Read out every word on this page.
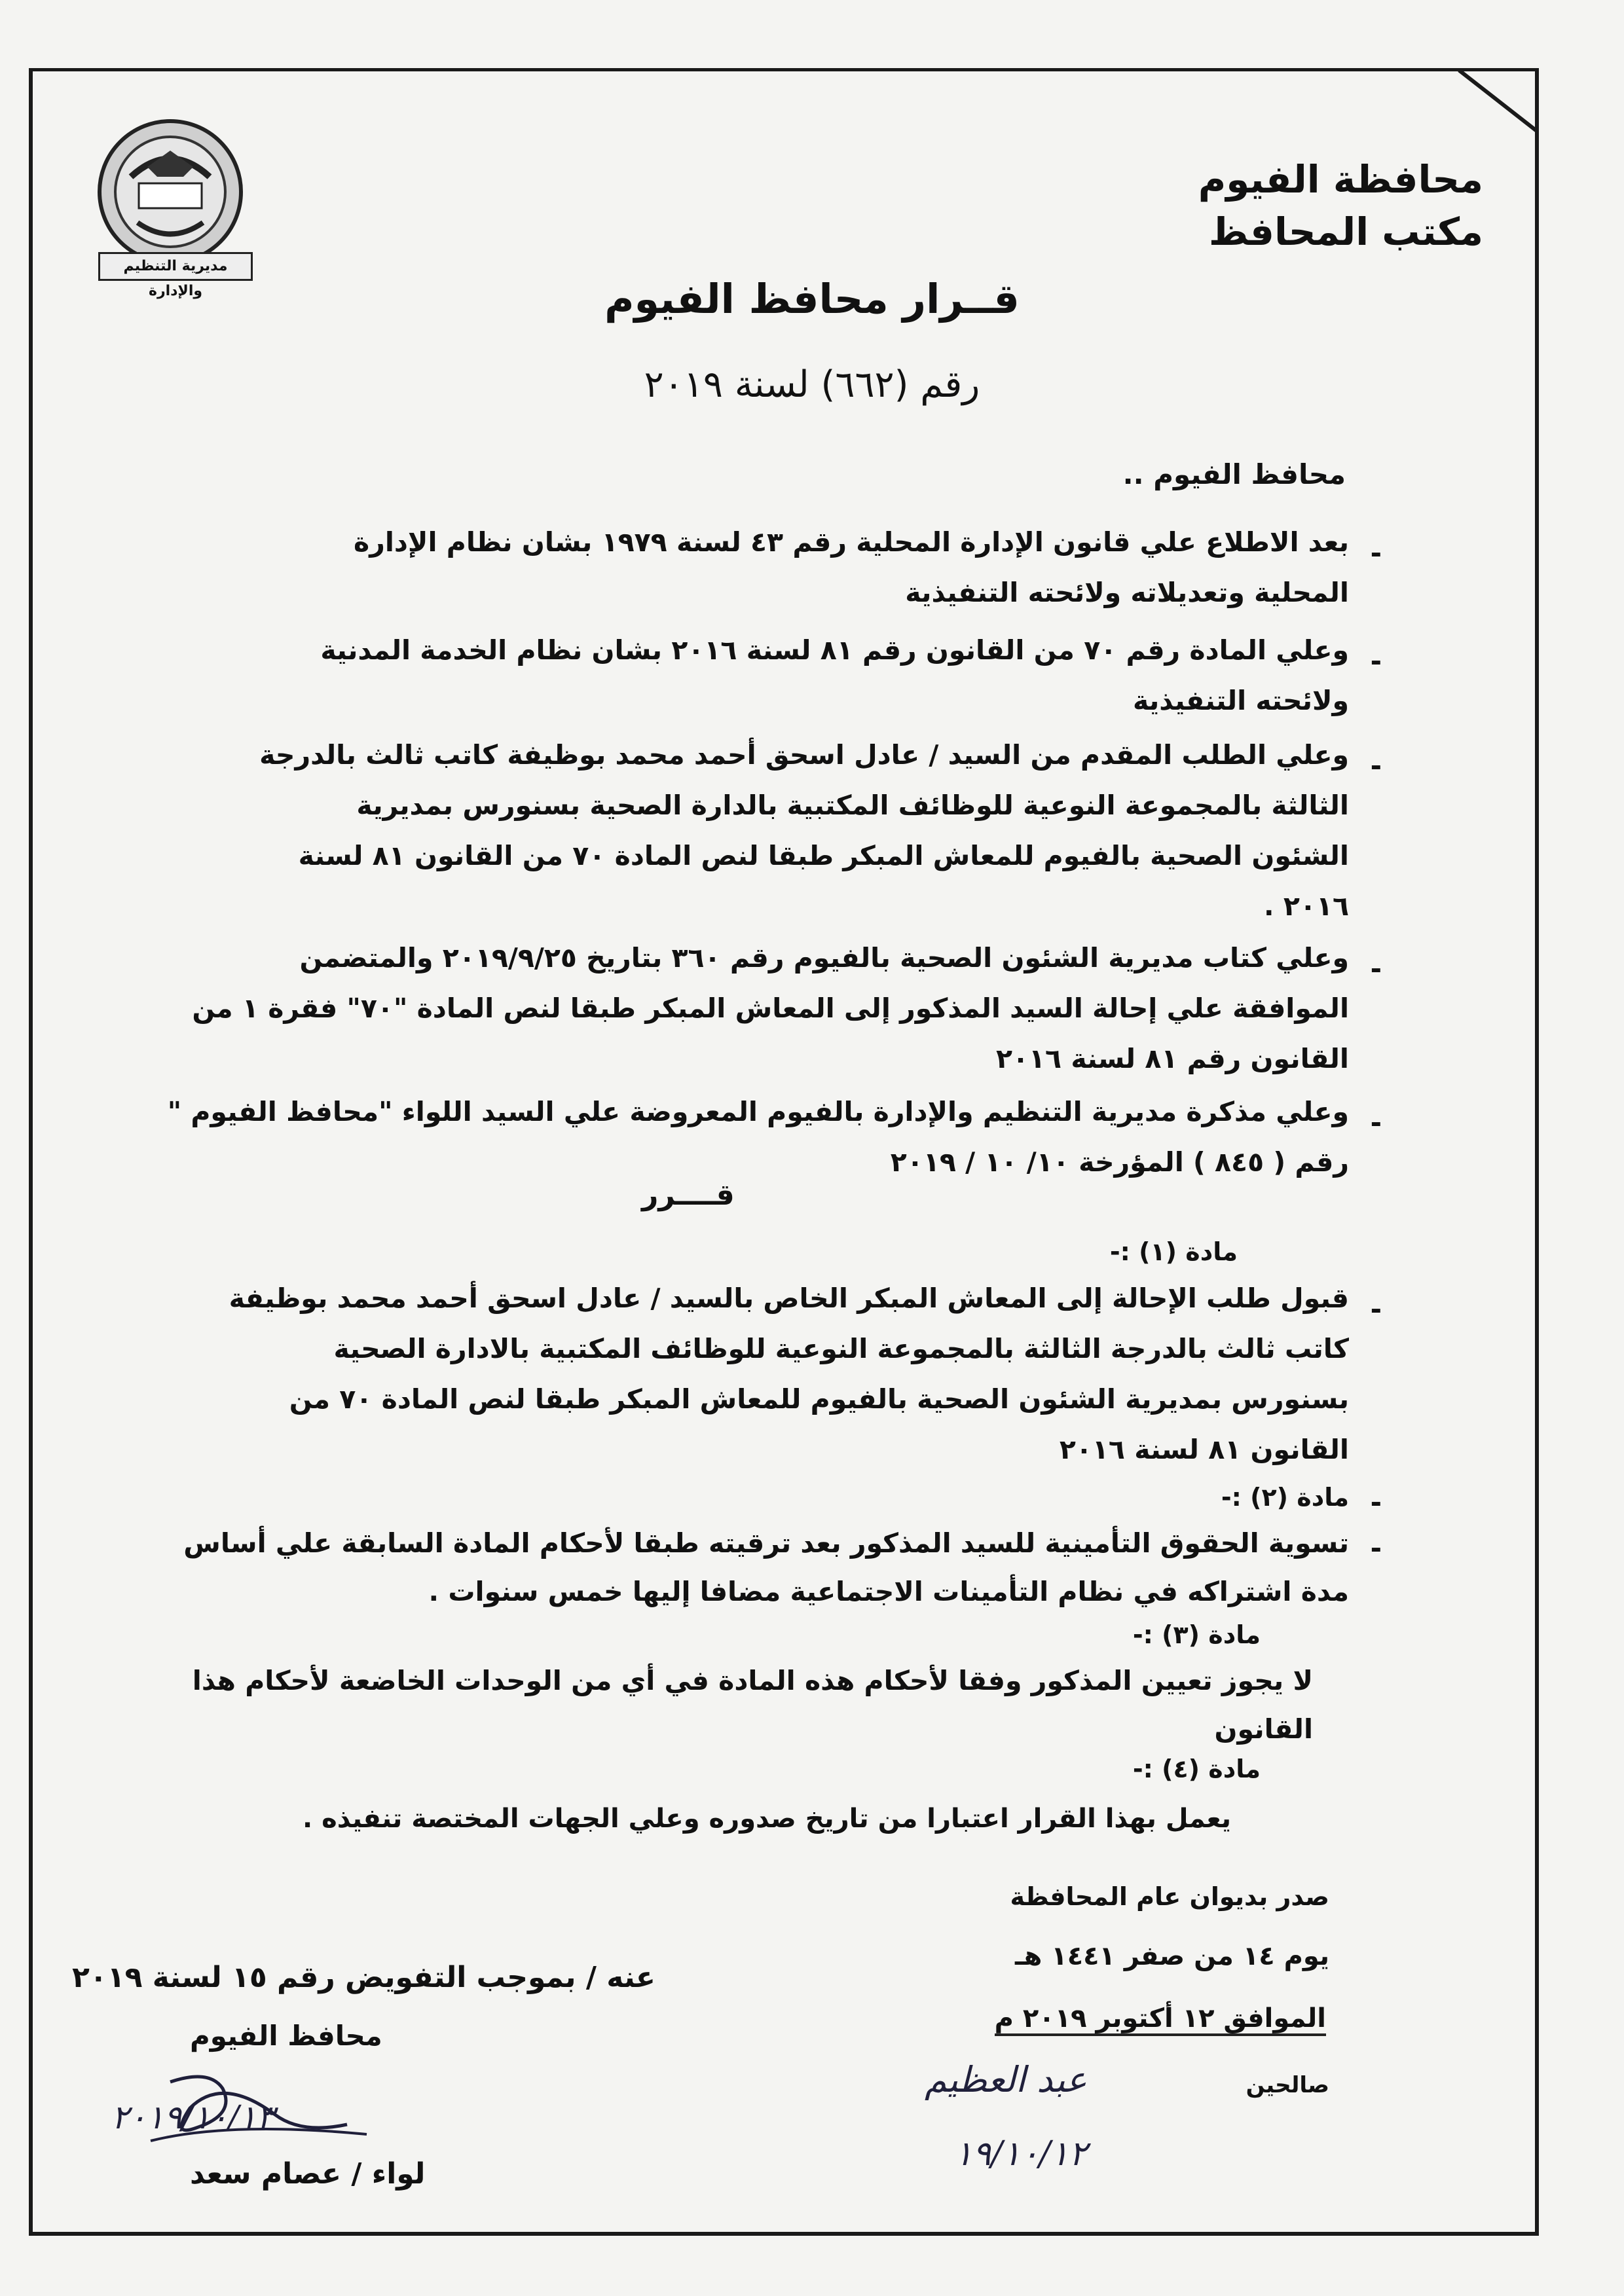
مديرية التنظيم والإدارة
محافظة الفيوم
مكتب المحافظ
قــرار محافظ الفيوم
رقم (٦٦٢) لسنة ٢٠١٩
محافظ الفيوم ..
-
بعد الاطلاع علي قانون الإدارة المحلية رقم ٤٣ لسنة ١٩٧٩ بشان نظام الإدارة
المحلية وتعديلاته ولائحته التنفيذية
-
وعلي المادة رقم ٧٠ من القانون رقم ٨١ لسنة ٢٠١٦ بشان نظام الخدمة المدنية
ولائحته التنفيذية
-
وعلي الطلب المقدم من السيد / عادل اسحق أحمد محمد بوظيفة كاتب ثالث بالدرجة
الثالثة بالمجموعة النوعية للوظائف المكتبية بالدارة الصحية بسنورس بمديرية
الشئون الصحية بالفيوم للمعاش المبكر طبقا لنص المادة ٧٠ من القانون ٨١ لسنة
٢٠١٦ .
-
وعلي كتاب مديرية الشئون الصحية بالفيوم رقم ٣٦٠ بتاريخ ٢٠١٩/٩/٢٥ والمتضمن
الموافقة علي إحالة السيد المذكور إلى المعاش المبكر طبقا لنص المادة "٧٠" فقرة ١ من
القانون رقم ٨١ لسنة ٢٠١٦
-
وعلي مذكرة مديرية التنظيم والإدارة بالفيوم المعروضة علي السيد اللواء "محافظ الفيوم "
رقم ( ٨٤٥ ) المؤرخة ١٠/ ١٠ / ٢٠١٩
قــــرر
مادة (١) :-
-
قبول طلب الإحالة إلى المعاش المبكر الخاص بالسيد / عادل اسحق أحمد محمد بوظيفة
كاتب ثالث بالدرجة الثالثة بالمجموعة النوعية للوظائف المكتبية بالادارة الصحية
بسنورس بمديرية الشئون الصحية بالفيوم للمعاش المبكر طبقا لنص المادة ٧٠ من
القانون ٨١ لسنة ٢٠١٦
-
مادة (٢) :-
-
تسوية الحقوق التأمينية للسيد المذكور بعد ترقيته طبقا لأحكام المادة السابقة علي أساس
مدة اشتراكه في نظام التأمينات الاجتماعية مضافا إليها خمس سنوات .
مادة (٣) :-
لا يجوز تعيين المذكور وفقا لأحكام هذه المادة في أي من الوحدات الخاضعة لأحكام هذا
القانون
مادة (٤) :-
يعمل بهذا القرار اعتبارا من تاريخ صدوره وعلي الجهات المختصة تنفيذه .
صدر بديوان عام المحافظة
يوم ١٤ من صفر ١٤٤١ هـ
الموافق ١٢ أكتوبر ٢٠١٩ م
صالحين
عبد العظيم
١٩/١٠/١٢
عنه / بموجب التفويض رقم ١٥ لسنة ٢٠١٩
محافظ الفيوم
٢٠١٩/١٠/١٣
لواء / عصام سعد
